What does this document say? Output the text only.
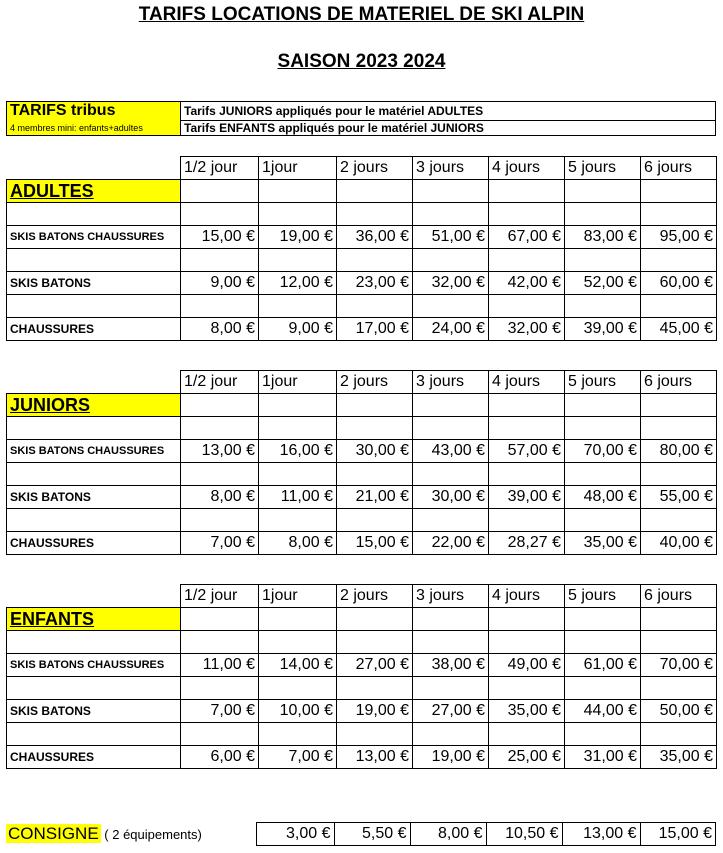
TARIFS LOCATIONS DE MATERIEL DE SKI ALPIN
SAISON 2023 2024
TARIFS tribus	Tarifs JUNIORS appliqués pour le matériel ADULTES
4 membres mini: enfants+adultes	Tarifs ENFANTS appliqués pour le matériel JUNIORS
	1/2 jour	1jour	2 jours	3 jours	4 jours	5 jours	6 jours
ADULTES							

SKIS BATONS CHAUSSURES	15,00 €	19,00 €	36,00 €	51,00 €	67,00 €	83,00 €	95,00 €

SKIS BATONS	9,00 €	12,00 €	23,00 €	32,00 €	42,00 €	52,00 €	60,00 €

CHAUSSURES	8,00 €	9,00 €	17,00 €	24,00 €	32,00 €	39,00 €	45,00 €
	1/2 jour	1jour	2 jours	3 jours	4 jours	5 jours	6 jours
JUNIORS							

SKIS BATONS CHAUSSURES	13,00 €	16,00 €	30,00 €	43,00 €	57,00 €	70,00 €	80,00 €

SKIS BATONS	8,00 €	11,00 €	21,00 €	30,00 €	39,00 €	48,00 €	55,00 €

CHAUSSURES	7,00 €	8,00 €	15,00 €	22,00 €	28,27 €	35,00 €	40,00 €
	1/2 jour	1jour	2 jours	3 jours	4 jours	5 jours	6 jours
ENFANTS							

SKIS BATONS CHAUSSURES	11,00 €	14,00 €	27,00 €	38,00 €	49,00 €	61,00 €	70,00 €

SKIS BATONS	7,00 €	10,00 €	19,00 €	27,00 €	35,00 €	44,00 €	50,00 €

CHAUSSURES	6,00 €	7,00 €	13,00 €	19,00 €	25,00 €	31,00 €	35,00 €
CONSIGNE ( 2 équipements)	3,00 €	5,50 €	8,00 €	10,50 €	13,00 €	15,00 €
